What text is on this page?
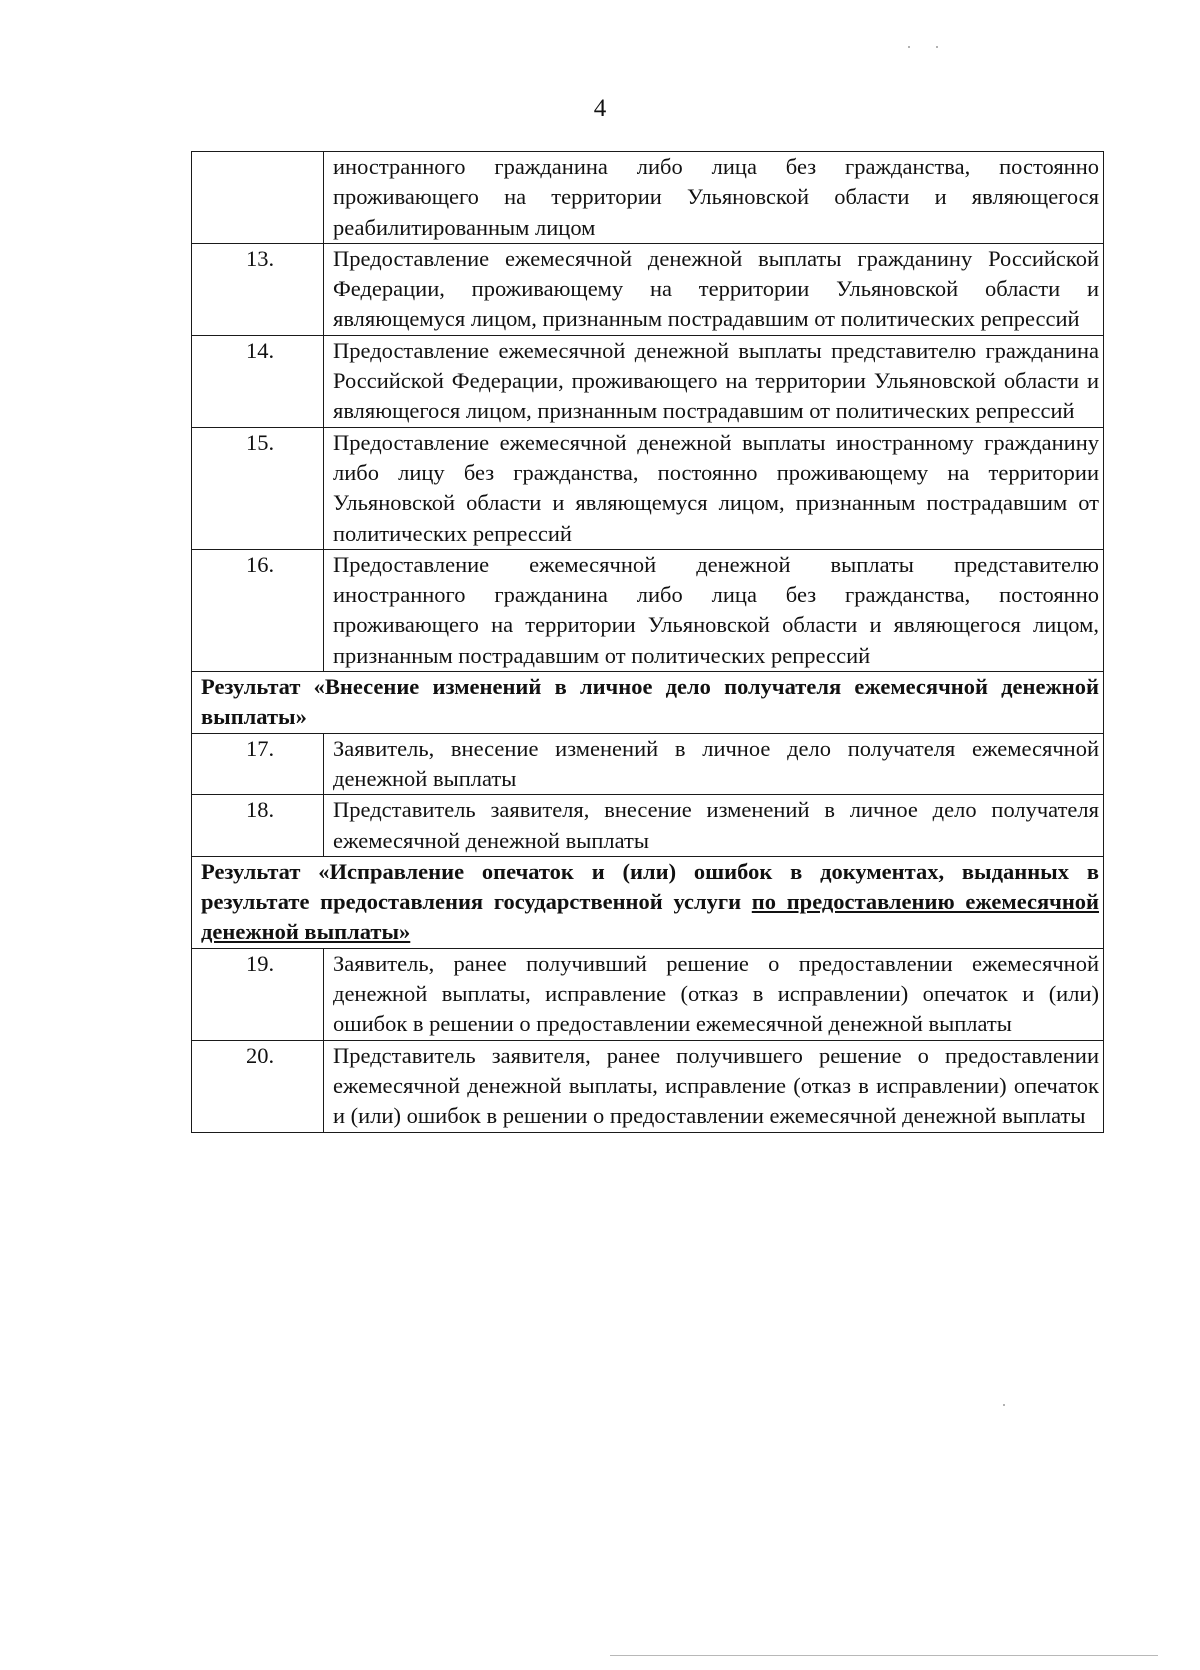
4
	иностранного гражданина либо лица без гражданства, постоянно проживающего на территории Ульяновской области и являющегося реабилитированным лицом
13.	Предоставление ежемесячной денежной выплаты гражданину Российской Федерации, проживающему на территории Ульяновской области и являющемуся лицом, признанным пострадавшим от политических репрессий
14.	Предоставление ежемесячной денежной выплаты представителю гражданина Российской Федерации, проживающего на территории Ульяновской области и являющегося лицом, признанным пострадавшим от политических репрессий
15.	Предоставление ежемесячной денежной выплаты иностранному гражданину либо лицу без гражданства, постоянно проживающему на территории Ульяновской области и являющемуся лицом, признанным пострадавшим от политических репрессий
16.	Предоставление ежемесячной денежной выплаты представителю иностранного гражданина либо лица без гражданства, постоянно проживающего на территории Ульяновской области и являющегося лицом, признанным пострадавшим от политических репрессий
Результат «Внесение изменений в личное дело получателя ежемесячной денежной выплаты»	
17.	Заявитель, внесение изменений в личное дело получателя ежемесячной денежной выплаты
18.	Представитель заявителя, внесение изменений в личное дело получателя ежемесячной денежной выплаты
Результат «Исправление опечаток и (или) ошибок в документах, выданных в результате предоставления государственной услуги по предоставлению ежемесячной денежной выплаты»	
19.	Заявитель, ранее получивший решение о предоставлении ежемесячной денежной выплаты, исправление (отказ в исправлении) опечаток и (или) ошибок в решении о предоставлении ежемесячной денежной выплаты
20.	Представитель заявителя, ранее получившего решение о предоставлении ежемесячной денежной выплаты, исправление (отказ в исправлении) опечаток и (или) ошибок в решении о предоставлении ежемесячной денежной выплаты
